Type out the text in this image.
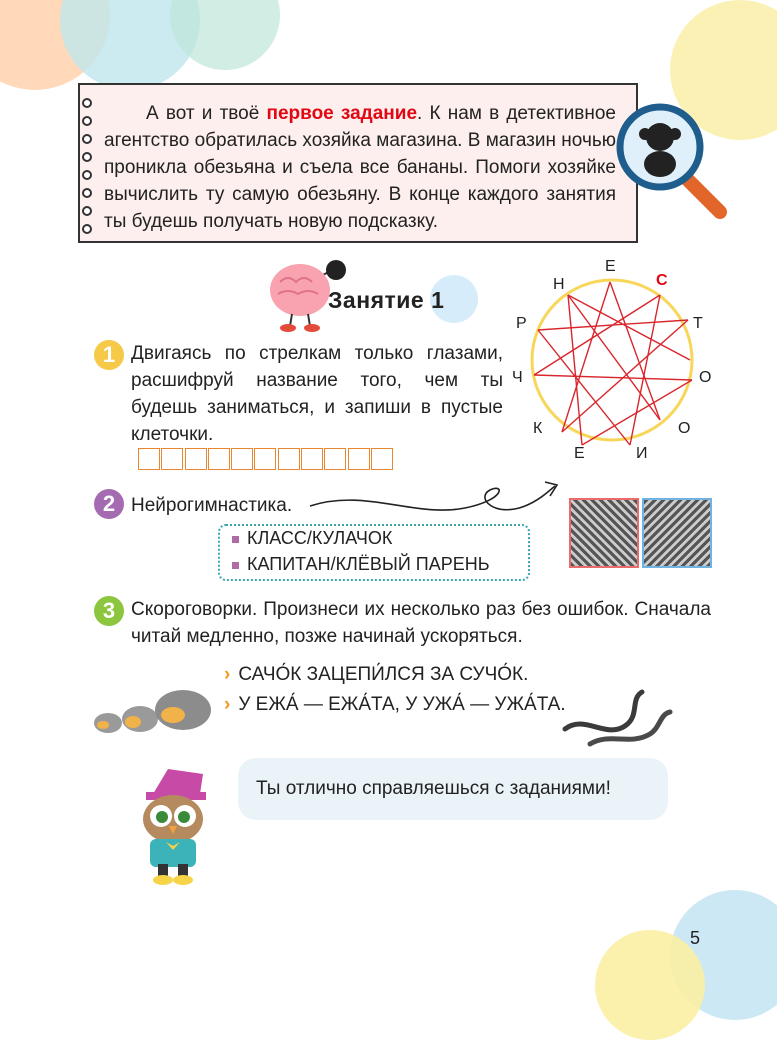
А вот и твоё первое задание. К нам в детективное агентство обратилась хозяйка магазина. В магазин ночью проникла обезьяна и съела все бананы. Помоги хозяйке вычислить ту самую обезьяну. В конце каждого занятия ты будешь получать новую подсказку.
Занятие 1
Е
С
Т
О
О
И
Е
К
Ч
Р
Н
1 Двигаясь по стрелкам только глазами, расшифруй название того, чем ты будешь заниматься, и запиши в пустые клеточки.
2 Нейрогимнастика.
КЛАСС/КУЛАЧОК
КАПИТАН/КЛЁВЫЙ ПАРЕНЬ
3 Скороговорки. Произнеси их несколько раз без ошибок. Сначала читай медленно, позже начинай ускоряться.
› САЧО́К ЗАЦЕПИ́ЛСЯ ЗА СУЧО́К.
› У ЕЖА́ — ЕЖА́ТА, У УЖА́ — УЖА́ТА.
Ты отлично справляешься с заданиями!
5
